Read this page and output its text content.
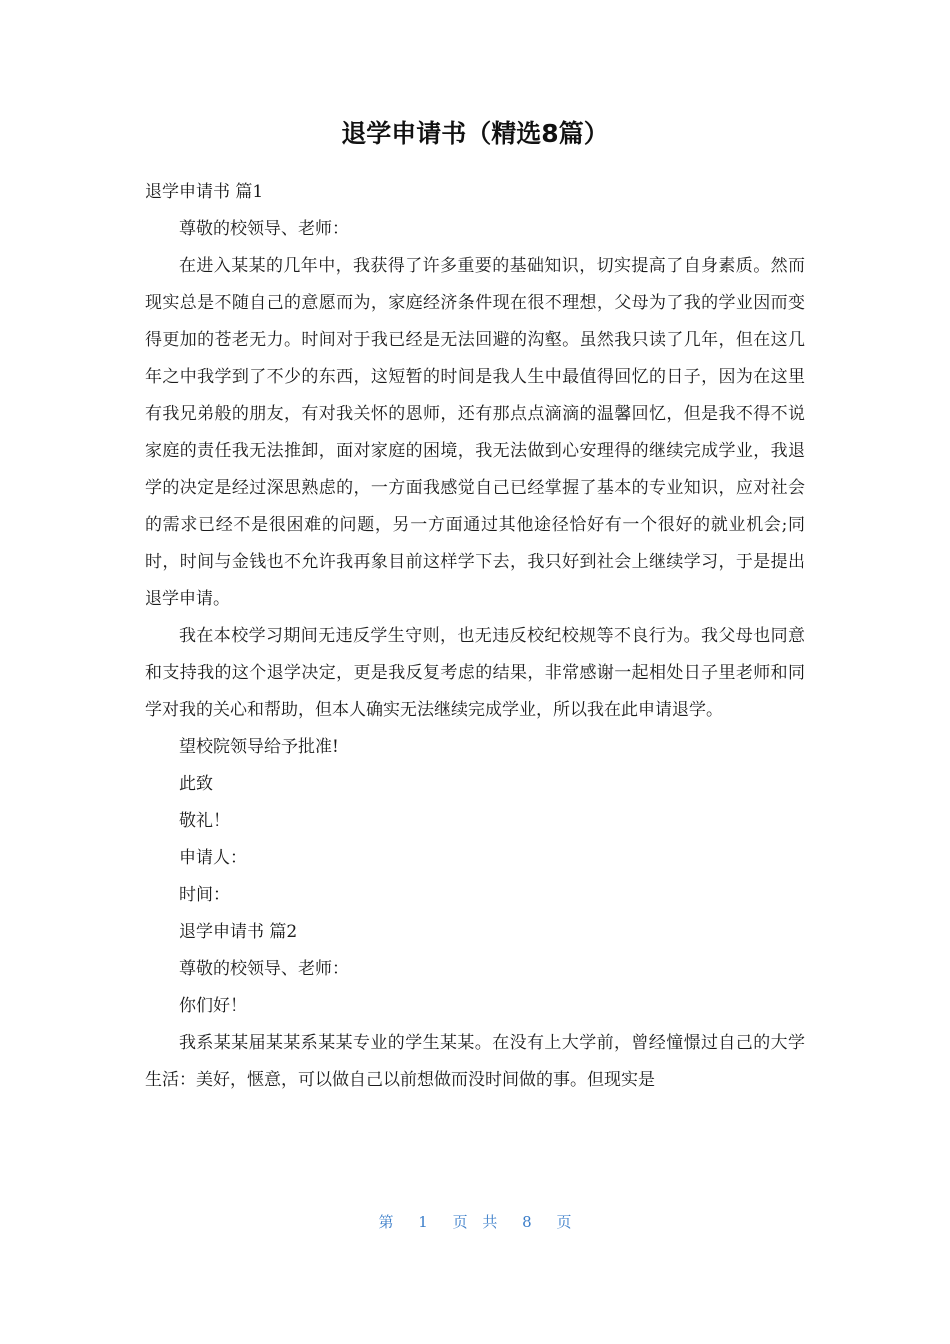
退学申请书（精选8篇）

退学申请书 篇1

尊敬的校领导、老师：

在进入某某的几年中，我获得了许多重要的基础知识，切实提高了自身素质。然而现实总是不随自己的意愿而为，家庭经济条件现在很不理想，父母为了我的学业因而变得更加的苍老无力。时间对于我已经是无法回避的沟壑。虽然我只读了几年，但在这几年之中我学到了不少的东西，这短暂的时间是我人生中最值得回忆的日子，因为在这里有我兄弟般的朋友，有对我关怀的恩师，还有那点点滴滴的温馨回忆，但是我不得不说家庭的责任我无法推卸，面对家庭的困境，我无法做到心安理得的继续完成学业，我退学的决定是经过深思熟虑的，一方面我感觉自己已经掌握了基本的专业知识，应对社会的需求已经不是很困难的问题，另一方面通过其他途径恰好有一个很好的就业机会;同时，时间与金钱也不允许我再象目前这样学下去，我只好到社会上继续学习，于是提出退学申请。

我在本校学习期间无违反学生守则，也无违反校纪校规等不良行为。我父母也同意和支持我的这个退学决定，更是我反复考虑的结果，非常感谢一起相处日子里老师和同学对我的关心和帮助，但本人确实无法继续完成学业，所以我在此申请退学。

望校院领导给予批准!

此致

敬礼！

申请人：

时间：

退学申请书 篇2

尊敬的校领导、老师：

你们好！

我系某某届某某系某某专业的学生某某。在没有上大学前，曾经憧憬过自己的大学生活：美好，惬意，可以做自己以前想做而没时间做的事。但现实是

第 1 页 共 8 页
